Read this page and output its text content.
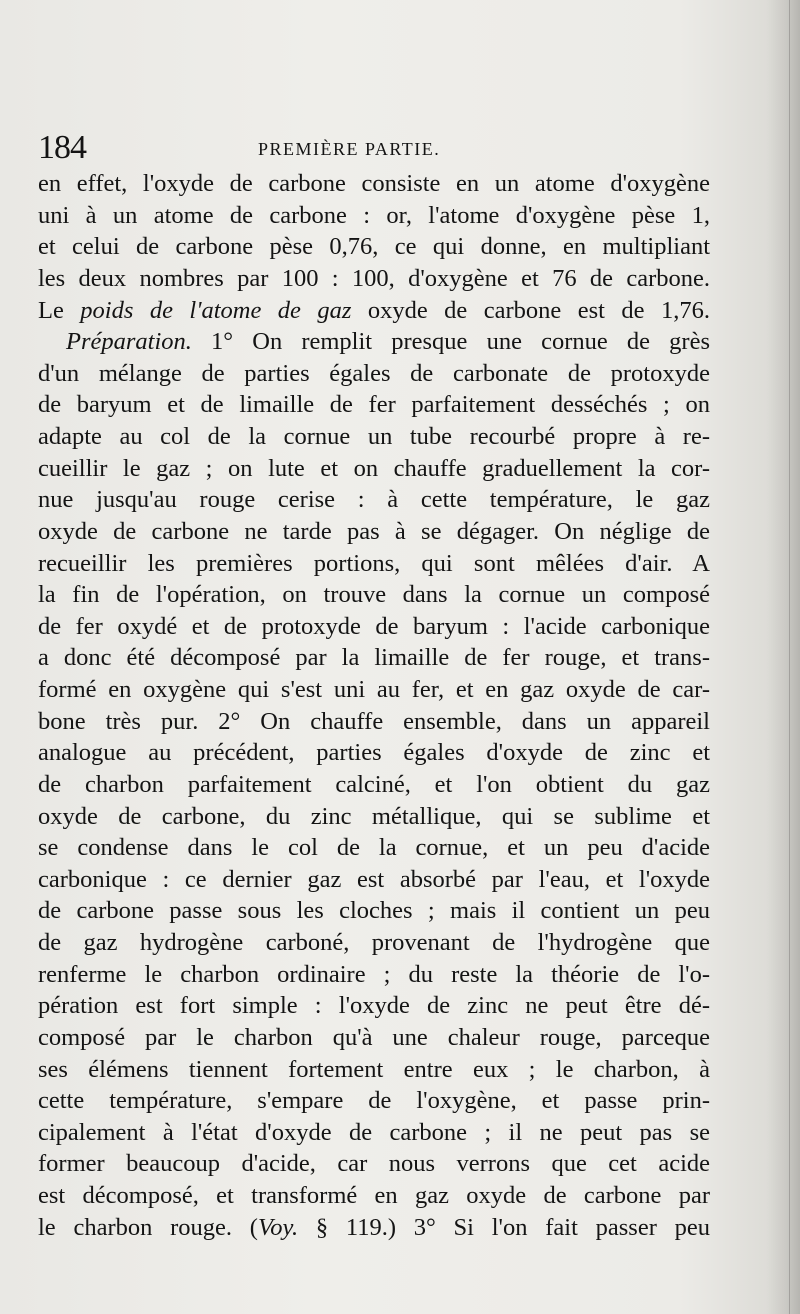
184	PREMIÈRE PARTIE.
en effet, l'oxyde de carbone consiste en un atome d'oxygène
uni à un atome de carbone : or, l'atome d'oxygène pèse 1,
et celui de carbone pèse 0,76, ce qui donne, en multipliant
les deux nombres par 100 : 100, d'oxygène et 76 de carbone.
Le poids de l'atome de gaz oxyde de carbone est de 1,76.
Préparation. 1° On remplit presque une cornue de grès
d'un mélange de parties égales de carbonate de protoxyde
de baryum et de limaille de fer parfaitement desséchés ; on
adapte au col de la cornue un tube recourbé propre à re-
cueillir le gaz ; on lute et on chauffe graduellement la cor-
nue jusqu'au rouge cerise : à cette température, le gaz
oxyde de carbone ne tarde pas à se dégager. On néglige de
recueillir les premières portions, qui sont mêlées d'air. A
la fin de l'opération, on trouve dans la cornue un composé
de fer oxydé et de protoxyde de baryum : l'acide carbonique
a donc été décomposé par la limaille de fer rouge, et trans-
formé en oxygène qui s'est uni au fer, et en gaz oxyde de car-
bone très pur. 2° On chauffe ensemble, dans un appareil
analogue au précédent, parties égales d'oxyde de zinc et
de charbon parfaitement calciné, et l'on obtient du gaz
oxyde de carbone, du zinc métallique, qui se sublime et
se condense dans le col de la cornue, et un peu d'acide
carbonique : ce dernier gaz est absorbé par l'eau, et l'oxyde
de carbone passe sous les cloches ; mais il contient un peu
de gaz hydrogène carboné, provenant de l'hydrogène que
renferme le charbon ordinaire ; du reste la théorie de l'o-
pération est fort simple : l'oxyde de zinc ne peut être dé-
composé par le charbon qu'à une chaleur rouge, parceque
ses élémens tiennent fortement entre eux ; le charbon, à
cette température, s'empare de l'oxygène, et passe prin-
cipalement à l'état d'oxyde de carbone ; il ne peut pas se
former beaucoup d'acide, car nous verrons que cet acide
est décomposé, et transformé en gaz oxyde de carbone par
le charbon rouge. (Voy. § 119.) 3° Si l'on fait passer peu
